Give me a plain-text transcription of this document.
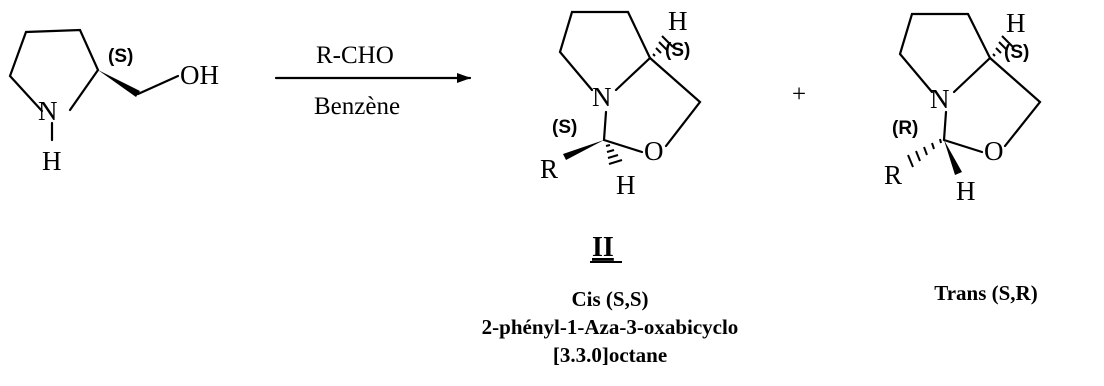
N
H
OH
(S)	R-CHO
Benzène	N
O
H
(S)
(S)
R
H
II
Cis (S,S)
2-phényl-1-Aza-3-oxabicyclo
[3.3.0]octane
+	N
O
H
(S)
(R)
R
H
Trans (S,R)
